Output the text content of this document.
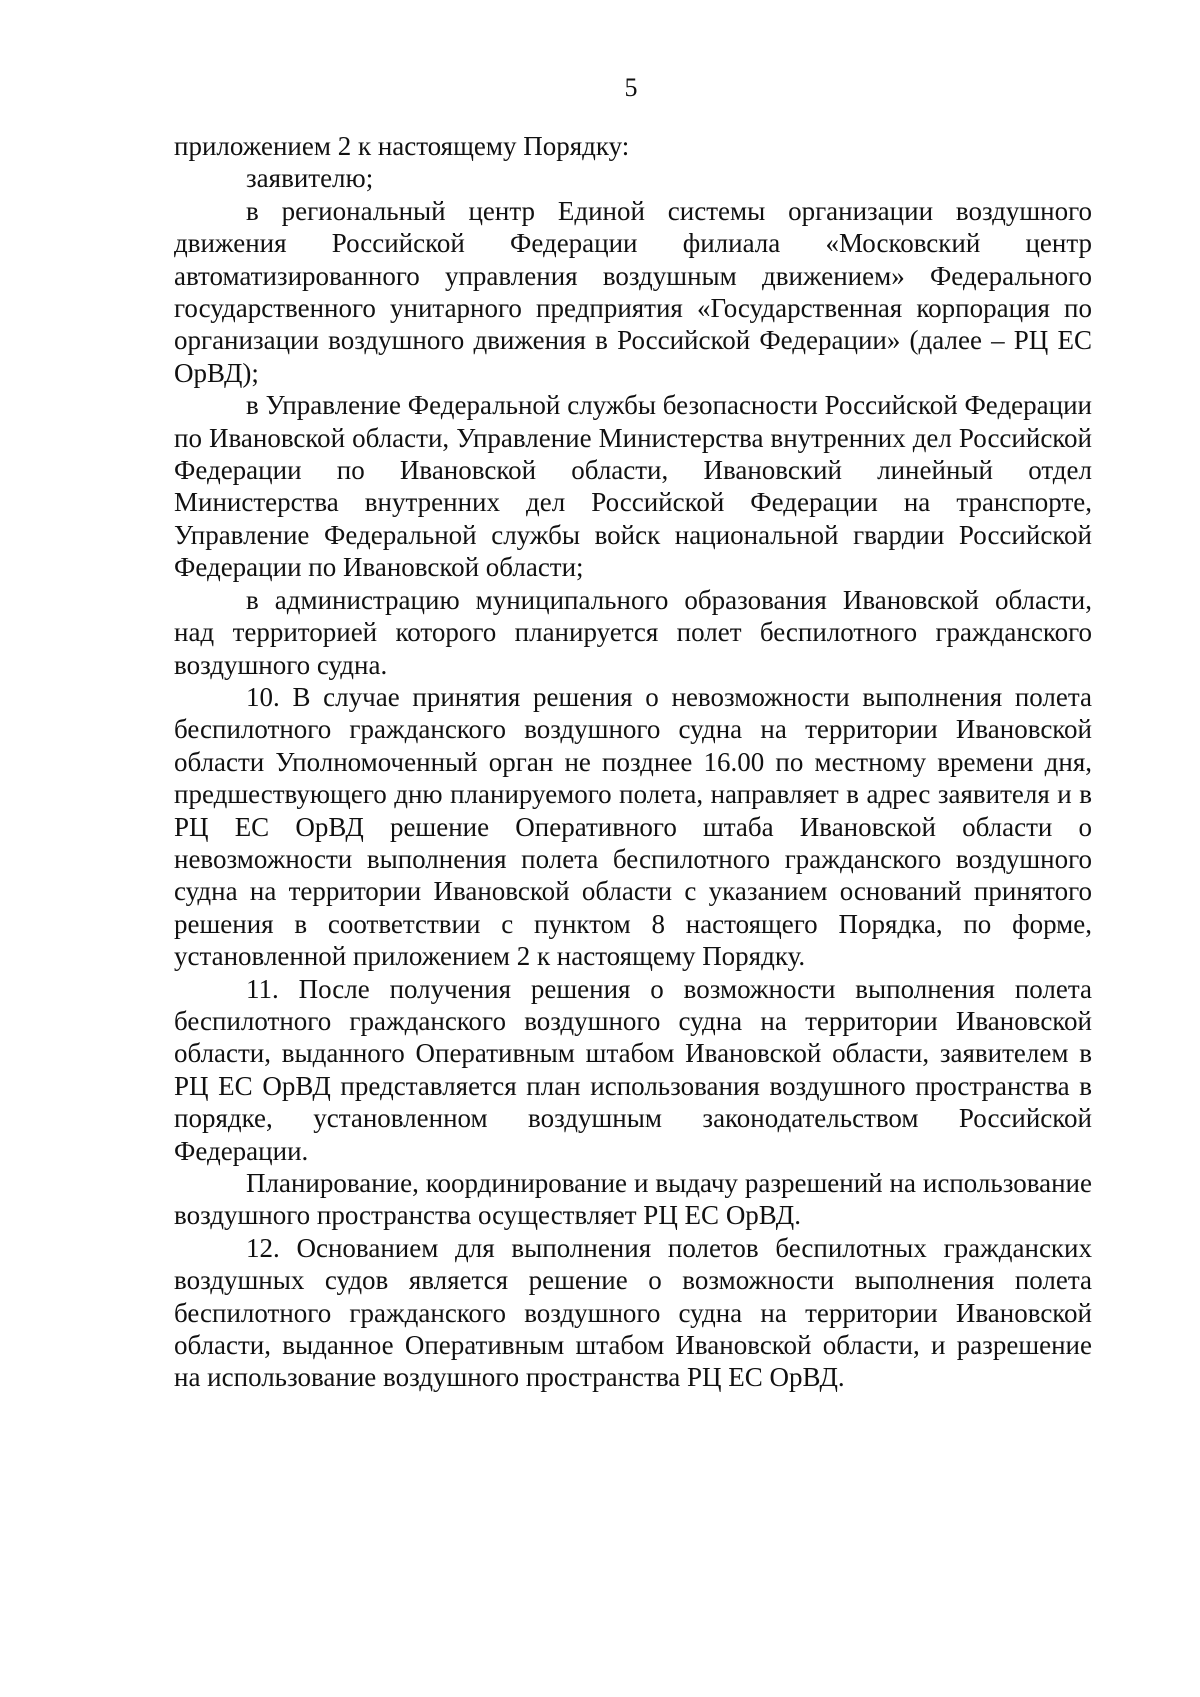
5

приложением 2 к настоящему Порядку:

заявителю;

в региональный центр Единой системы организации воздушного движения Российской Федерации филиала «Московский центр автоматизированного управления воздушным движением» Федерального государственного унитарного предприятия «Государственная корпорация по организации воздушного движения в Российской Федерации» (далее – РЦ ЕС ОрВД);

в Управление Федеральной службы безопасности Российской Федерации по Ивановской области, Управление Министерства внутренних дел Российской Федерации по Ивановской области, Ивановский линейный отдел Министерства внутренних дел Российской Федерации на транспорте, Управление Федеральной службы войск национальной гвардии Российской Федерации по Ивановской области;

в администрацию муниципального образования Ивановской области, над территорией которого планируется полет беспилотного гражданского воздушного судна.

10. В случае принятия решения о невозможности выполнения полета беспилотного гражданского воздушного судна на территории Ивановской области Уполномоченный орган не позднее 16.00 по местному времени дня, предшествующего дню планируемого полета, направляет в адрес заявителя и в РЦ ЕС ОрВД решение Оперативного штаба Ивановской области о невозможности выполнения полета беспилотного гражданского воздушного судна на территории Ивановской области с указанием оснований принятого решения в соответствии с пунктом 8 настоящего Порядка, по форме, установленной приложением 2 к настоящему Порядку.

11. После получения решения о возможности выполнения полета беспилотного гражданского воздушного судна на территории Ивановской области, выданного Оперативным штабом Ивановской области, заявителем в РЦ ЕС ОрВД представляется план использования воздушного пространства в порядке, установленном воздушным законодательством Российской Федерации.

Планирование, координирование и выдачу разрешений на использование воздушного пространства осуществляет РЦ ЕС ОрВД.

12. Основанием для выполнения полетов беспилотных гражданских воздушных судов является решение о возможности выполнения полета беспилотного гражданского воздушного судна на территории Ивановской области, выданное Оперативным штабом Ивановской области, и разрешение на использование воздушного пространства РЦ ЕС ОрВД.
